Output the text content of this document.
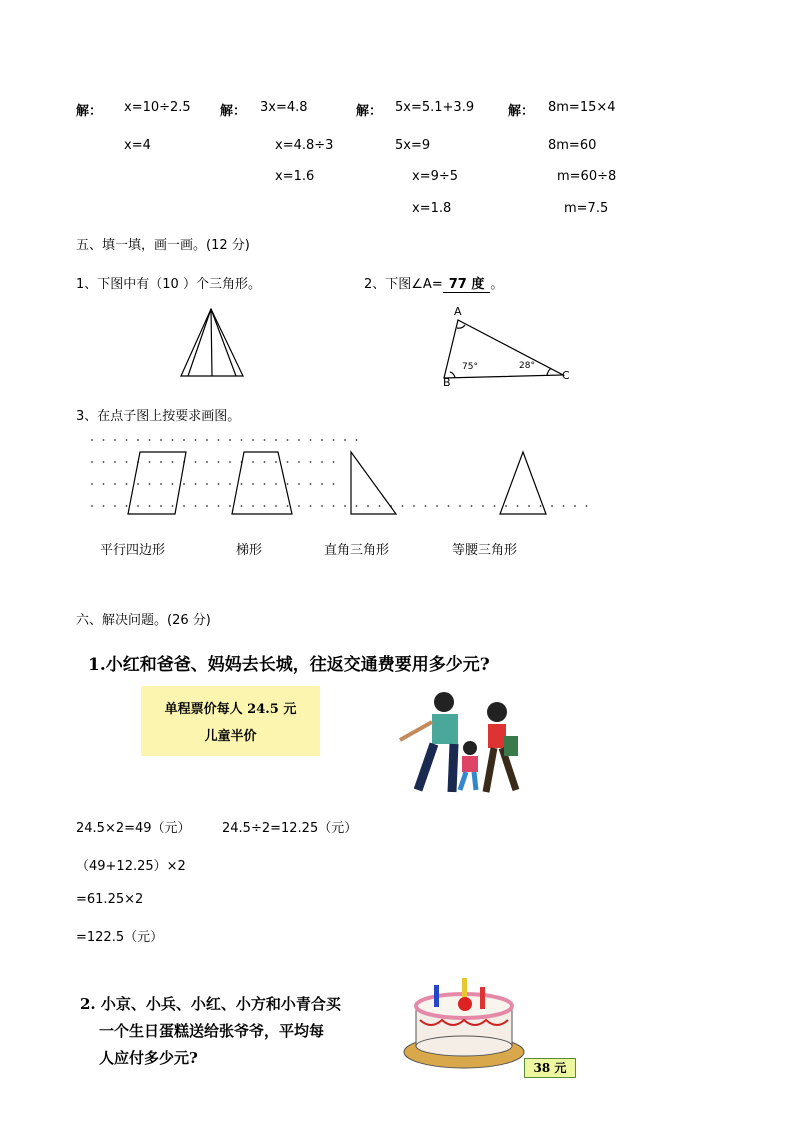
解： x=10÷2.5
x=4
解： 3x=4.8
x=4.8÷3
x=1.6
解： 5x=5.1+3.9
5x=9
x=9÷5
x=1.8
解： 8m=15×4
8m=60
m=60÷8
m=7.5
五、填一填，画一画。(12 分)
1、下图中有（10 ）个三角形。	2、下图∠A= 77 度 。
A
B
C
75°	28°
3、在点子图上按要求画图。
平行四边形	梯形	直角三角形	等腰三角形
六、解决问题。(26 分)
1.小红和爸爸、妈妈去长城，往返交通费要用多少元?
单程票价每人 24.5 元
儿童半价
24.5×2=49（元） 24.5÷2=12.25（元）
（49+12.25）×2
=61.25×2
=122.5（元）
2. 小京、小兵、小红、小方和小青合买
一个生日蛋糕送给张爷爷，平均每
人应付多少元?
38 元
